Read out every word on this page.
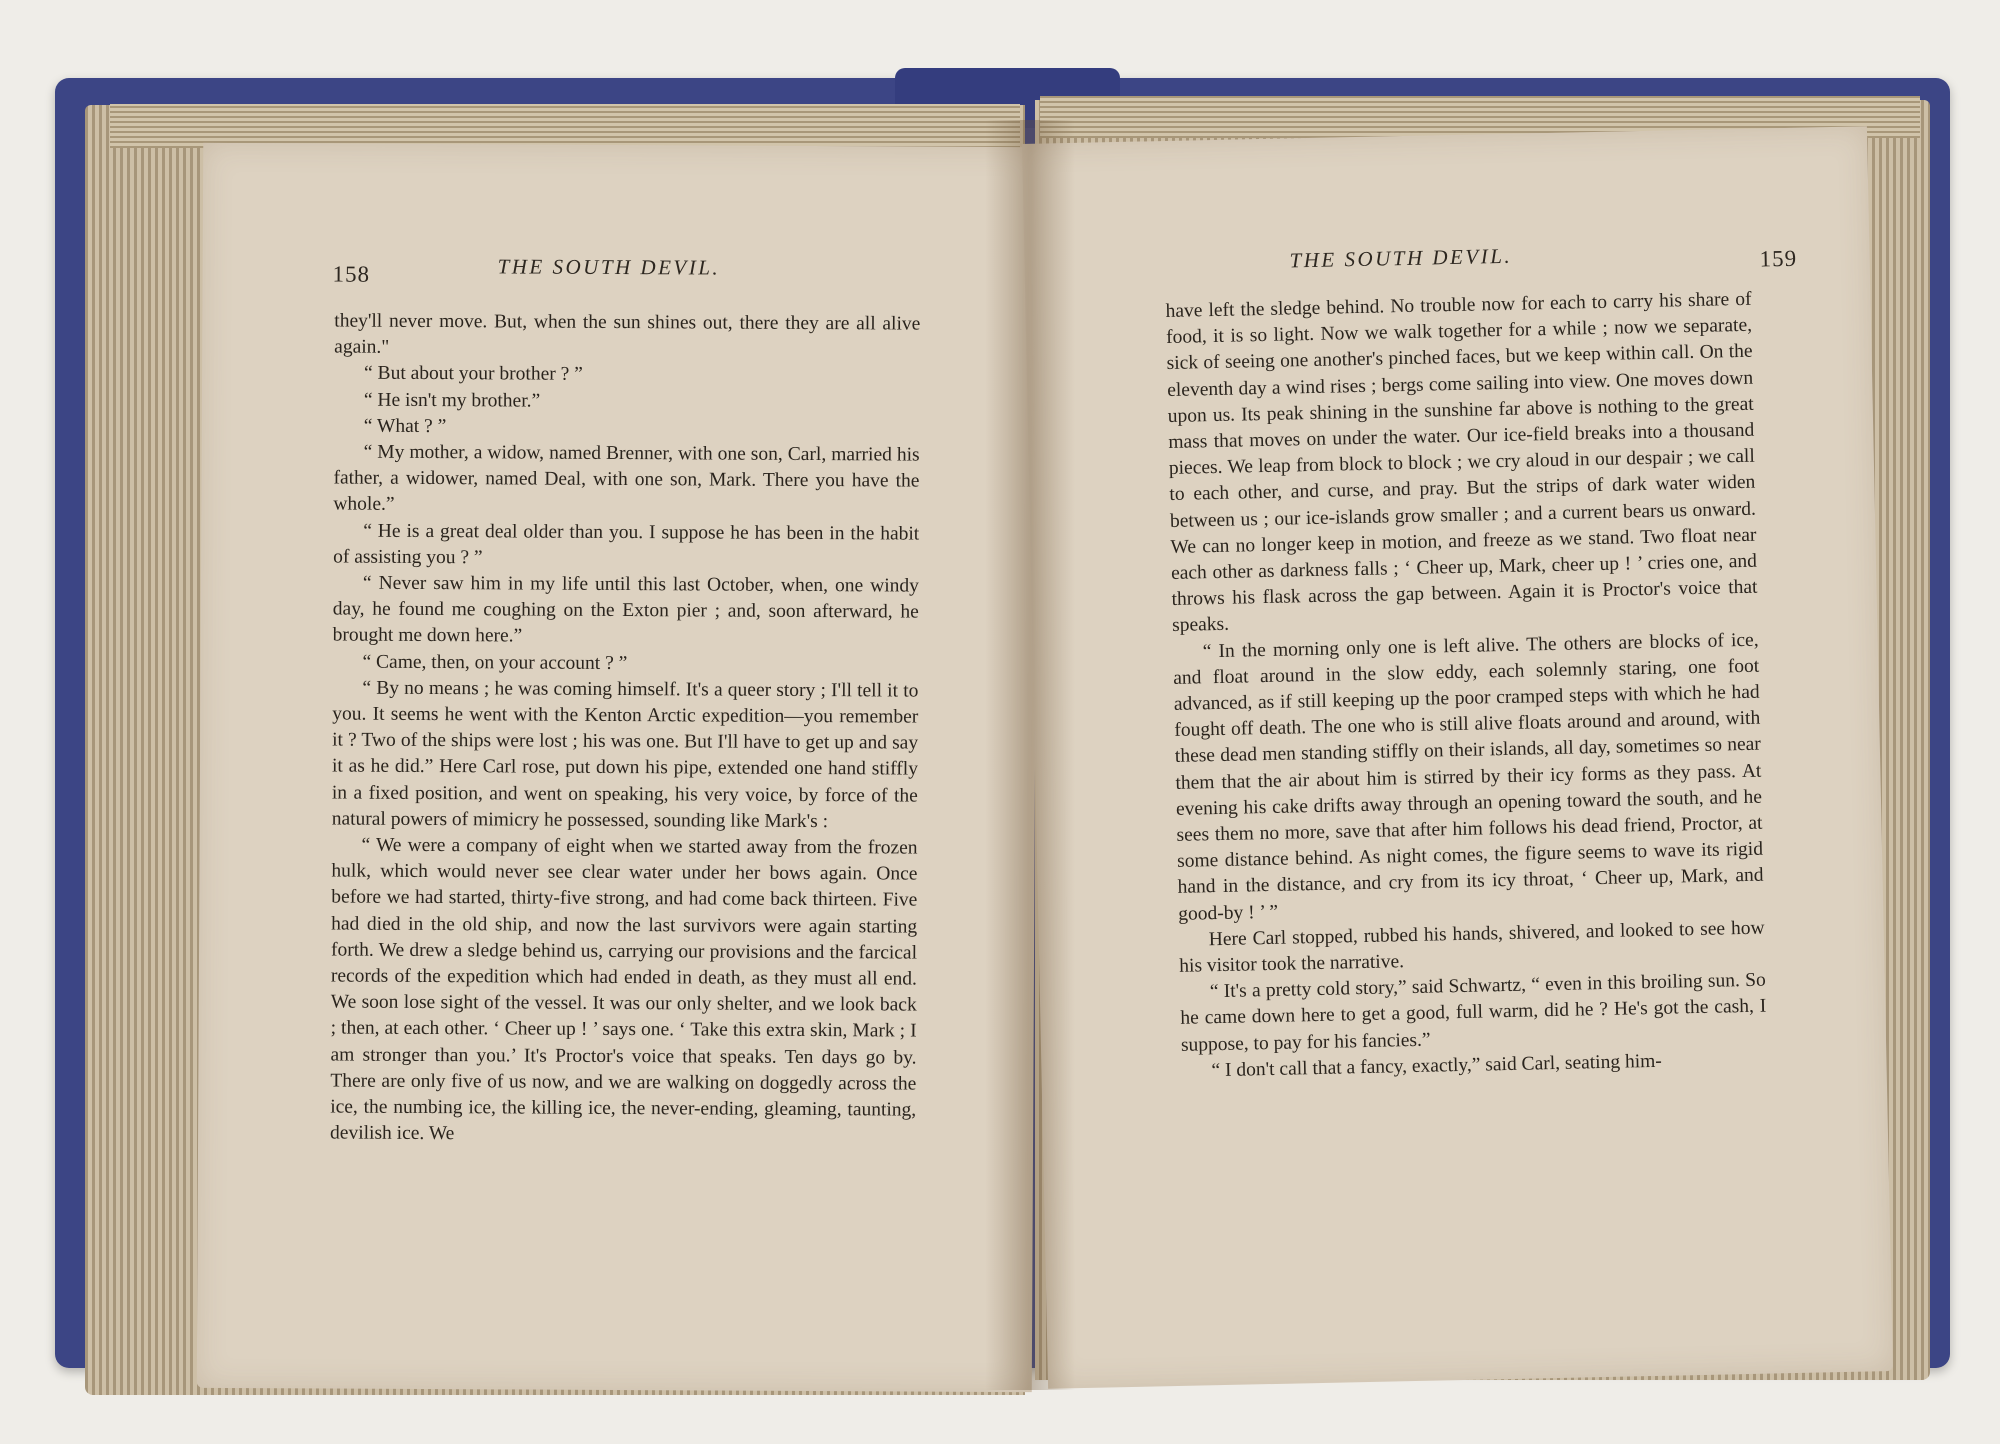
158	THE SOUTH DEVIL.

they'll never move. But, when the sun shines out, there they are all alive again."

“ But about your brother ? ”

“ He isn't my brother.”

“ What ? ”

“ My mother, a widow, named Brenner, with one son, Carl, married his father, a widower, named Deal, with one son, Mark. There you have the whole.”

“ He is a great deal older than you. I suppose he has been in the habit of assisting you ? ”

“ Never saw him in my life until this last October, when, one windy day, he found me coughing on the Exton pier ; and, soon afterward, he brought me down here.”

“ Came, then, on your account ? ”

“ By no means ; he was coming himself. It's a queer story ; I'll tell it to you. It seems he went with the Kenton Arctic expedition—you remember it ? Two of the ships were lost ; his was one. But I'll have to get up and say it as he did.” Here Carl rose, put down his pipe, extended one hand stiffly in a fixed position, and went on speaking, his very voice, by force of the natural powers of mimicry he possessed, sounding like Mark's :

“ We were a company of eight when we started away from the frozen hulk, which would never see clear water under her bows again. Once before we had started, thirty-five strong, and had come back thirteen. Five had died in the old ship, and now the last survivors were again starting forth. We drew a sledge behind us, carrying our provisions and the farcical records of the expedition which had ended in death, as they must all end. We soon lose sight of the vessel. It was our only shelter, and we look back ; then, at each other. ‘ Cheer up ! ’ says one. ‘ Take this extra skin, Mark ; I am stronger than you.’ It's Proctor's voice that speaks. Ten days go by. There are only five of us now, and we are walking on doggedly across the ice, the numbing ice, the killing ice, the never-ending, gleaming, taunting, devilish ice. We

THE SOUTH DEVIL.	159

have left the sledge behind. No trouble now for each to carry his share of food, it is so light. Now we walk together for a while ; now we separate, sick of seeing one another's pinched faces, but we keep within call. On the eleventh day a wind rises ; bergs come sailing into view. One moves down upon us. Its peak shining in the sunshine far above is nothing to the great mass that moves on under the water. Our ice-field breaks into a thousand pieces. We leap from block to block ; we cry aloud in our despair ; we call to each other, and curse, and pray. But the strips of dark water widen between us ; our ice-islands grow smaller ; and a current bears us onward. We can no longer keep in motion, and freeze as we stand. Two float near each other as darkness falls ; ‘ Cheer up, Mark, cheer up ! ’ cries one, and throws his flask across the gap between. Again it is Proctor's voice that speaks.

“ In the morning only one is left alive. The others are blocks of ice, and float around in the slow eddy, each solemnly staring, one foot advanced, as if still keeping up the poor cramped steps with which he had fought off death. The one who is still alive floats around and around, with these dead men standing stiffly on their islands, all day, sometimes so near them that the air about him is stirred by their icy forms as they pass. At evening his cake drifts away through an opening toward the south, and he sees them no more, save that after him follows his dead friend, Proctor, at some distance behind. As night comes, the figure seems to wave its rigid hand in the distance, and cry from its icy throat, ‘ Cheer up, Mark, and good-by ! ’ ”

Here Carl stopped, rubbed his hands, shivered, and looked to see how his visitor took the narrative.

“ It's a pretty cold story,” said Schwartz, “ even in this broiling sun. So he came down here to get a good, full warm, did he ? He's got the cash, I suppose, to pay for his fancies.”

“ I don't call that a fancy, exactly,” said Carl, seating him-
